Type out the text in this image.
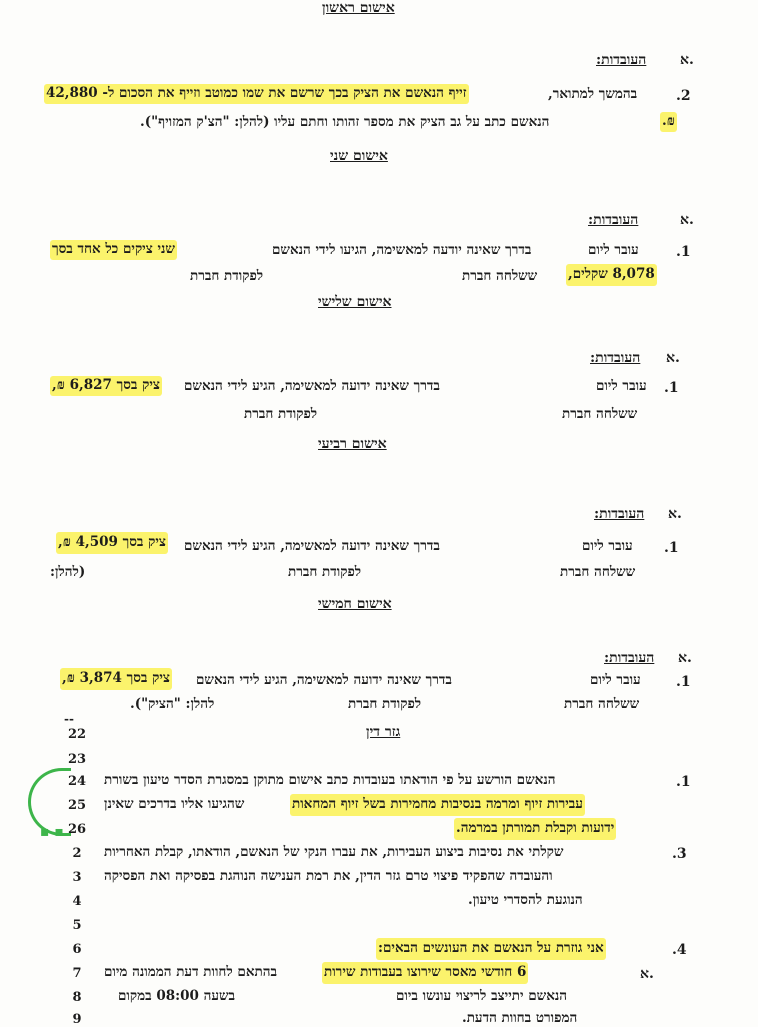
אישום ראשון
א.
העובדות:
.2
בהמשך למתואר,
זייף הנאשם את הציק בכך שרשם את שמו כמוטב וזייף את הסכום ל- 42,880
₪.
הנאשם כתב על גב הציק את מספר זהותו וחתם עליו (להלן: "הצ'ק המזויף").
אישום שני
א.
העובדות:
.1
עובר ליום
בדרך שאינה יודעה למאשימה, הגיעו לידי הנאשם
שני ציקים כל אחד בסך
8,078 שקלים,
ששלחה חברת
לפקודת חברת
אישום שלישי
א.
העובדות:
.1
עובר ליום
בדרך שאינה ידועה למאשימה, הגיע לידי הנאשם
ציק בסך 6,827 ₪,
ששלחה חברת
לפקודת חברת
אישום רביעי
א.
העובדות:
.1
עובר ליום
בדרך שאינה ידועה למאשימה, הגיע לידי הנאשם
ציק בסך 4,509 ₪,
ששלחה חברת
לפקודת חברת
(להלן:
אישום חמישי
א.
העובדות:
.1
עובר ליום
בדרך שאינה ידועה למאשימה, הגיע לידי הנאשם
ציק בסך 3,874 ₪,
ששלחה חברת
לפקודת חברת
להלן: "הציק").
--
גזר דין
22
23
24
25
26
2
3
4
5
6
7
8
9
▪ ▪
.1
הנאשם הורשע על פי הודאתו בעובדות כתב אישום מתוקן במסגרת הסדר טיעון בשורת
עבירות זיוף ומרמה בנסיבות מחמירות בשל זיוף המחאות
שהגיעו אליו בדרכים שאינן
ידועות וקבלת תמורתן במרמה.
.3
שקלתי את נסיבות ביצוע העבירות, את עברו הנקי של הנאשם, הודאתו, קבלת האחריות
והעובדה שהפקיד פיצוי טרם גזר הדין, את רמת הענישה הנוהגת בפסיקה ואת הפסיקה
הנוגעת להסדרי טיעון.
.4
אני גוזרת על הנאשם את העונשים הבאים:
א.
6 חודשי מאסר שירוצו בעבודות שירות
בהתאם לחוות דעת הממונה מיום
הנאשם יתייצב לריצוי עונשו ביום
בשעה 08:00 במקום
המפורט בחוות הדעת.
